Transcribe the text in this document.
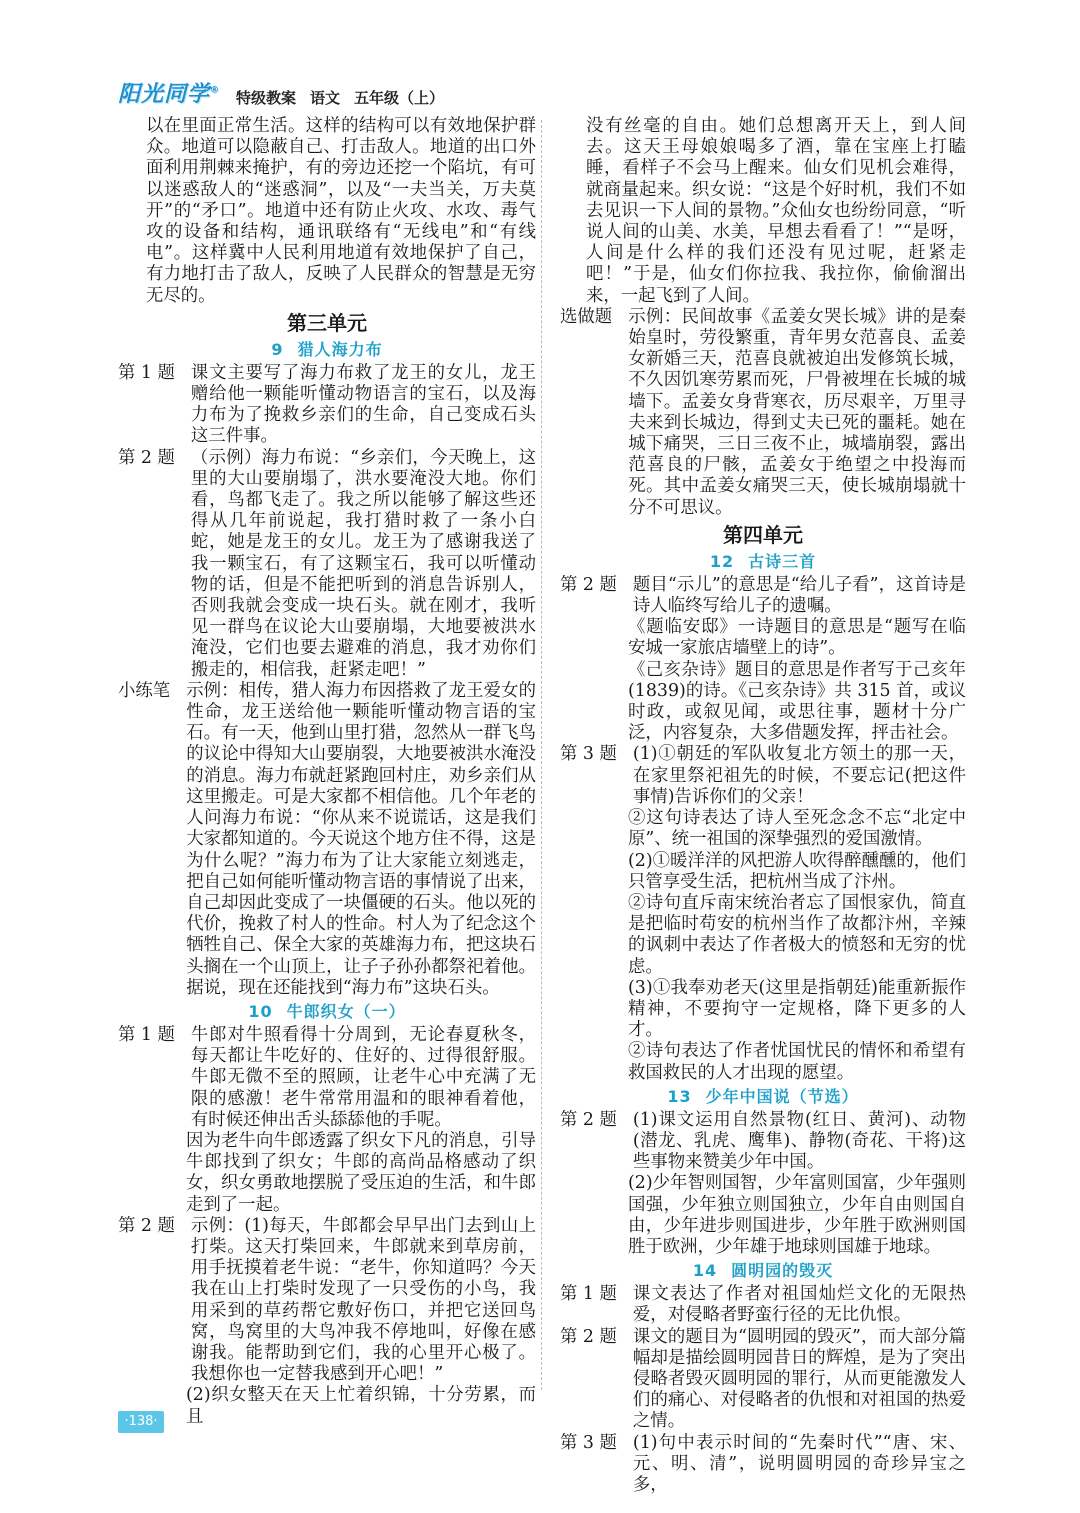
阳光同学® 特级教案 语文 五年级（上）

以在里面正常生活。这样的结构可以有效地保护群众。地道可以隐蔽自己、打击敌人。地道的出口外面利用荆棘来掩护，有的旁边还挖一个陷坑，有可以迷惑敌人的“迷惑洞”，以及“一夫当关，万夫莫开”的“矛口”。地道中还有防止火攻、水攻、毒气攻的设备和结构，通讯联络有“无线电”和“有线电”。这样冀中人民利用地道有效地保护了自己，有力地打击了敌人，反映了人民群众的智慧是无穷无尽的。

第三单元
9 猎人海力布
第 1 题 课文主要写了海力布救了龙王的女儿，龙王赠给他一颗能听懂动物语言的宝石，以及海力布为了挽救乡亲们的生命，自己变成石头这三件事。
第 2 题 （示例）海力布说：“乡亲们，今天晚上，这里的大山要崩塌了，洪水要淹没大地。你们看，鸟都飞走了。我之所以能够了解这些还得从几年前说起，我打猎时救了一条小白蛇，她是龙王的女儿。龙王为了感谢我送了我一颗宝石，有了这颗宝石，我可以听懂动物的话，但是不能把听到的消息告诉别人，否则我就会变成一块石头。就在刚才，我听见一群鸟在议论大山要崩塌，大地要被洪水淹没，它们也要去避难的消息，我才劝你们搬走的，相信我，赶紧走吧！”
小练笔 示例：相传，猎人海力布因搭救了龙王爱女的性命，龙王送给他一颗能听懂动物言语的宝石。有一天，他到山里打猎，忽然从一群飞鸟的议论中得知大山要崩裂，大地要被洪水淹没的消息。海力布就赶紧跑回村庄，劝乡亲们从这里搬走。可是大家都不相信他。几个年老的人问海力布说：“你从来不说谎话，这是我们大家都知道的。今天说这个地方住不得，这是为什么呢？”海力布为了让大家能立刻逃走，把自己如何能听懂动物言语的事情说了出来，自己却因此变成了一块僵硬的石头。他以死的代价，挽救了村人的性命。村人为了纪念这个牺牲自己、保全大家的英雄海力布，把这块石头搁在一个山顶上，让子子孙孙都祭祀着他。据说，现在还能找到“海力布”这块石头。
10 牛郎织女（一）
第 1 题 牛郎对牛照看得十分周到，无论春夏秋冬，每天都让牛吃好的、住好的、过得很舒服。牛郎无微不至的照顾，让老牛心中充满了无限的感激！老牛常常用温和的眼神看着他，有时候还伸出舌头舔舔他的手呢。

因为老牛向牛郎透露了织女下凡的消息，引导牛郎找到了织女；牛郎的高尚品格感动了织女，织女勇敢地摆脱了受压迫的生活，和牛郎走到了一起。

第 2 题 示例：(1)每天，牛郎都会早早出门去到山上打柴。这天打柴回来，牛郎就来到草房前，用手抚摸着老牛说：“老牛，你知道吗？今天我在山上打柴时发现了一只受伤的小鸟，我用采到的草药帮它敷好伤口，并把它送回鸟窝，鸟窝里的大鸟冲我不停地叫，好像在感谢我。能帮助到它们，我的心里开心极了。我想你也一定替我感到开心吧！”

(2)织女整天在天上忙着织锦，十分劳累，而且

没有丝毫的自由。她们总想离开天上，到人间去。这天王母娘娘喝多了酒，靠在宝座上打瞌睡，看样子不会马上醒来。仙女们见机会难得，就商量起来。织女说：“这是个好时机，我们不如去见识一下人间的景物。”众仙女也纷纷同意，“听说人间的山美、水美，早想去看看了！”“是呀，人间是什么样的我们还没有见过呢，赶紧走吧！”于是，仙女们你拉我、我拉你，偷偷溜出来，一起飞到了人间。

选做题 示例：民间故事《孟姜女哭长城》讲的是秦始皇时，劳役繁重，青年男女范喜良、孟姜女新婚三天，范喜良就被迫出发修筑长城，不久因饥寒劳累而死，尸骨被埋在长城的城墙下。孟姜女身背寒衣，历尽艰辛，万里寻夫来到长城边，得到丈夫已死的噩耗。她在城下痛哭，三日三夜不止，城墙崩裂，露出范喜良的尸骸，孟姜女于绝望之中投海而死。其中孟姜女痛哭三天，使长城崩塌就十分不可思议。
第四单元
12 古诗三首
第 2 题 题目“示儿”的意思是“给儿子看”，这首诗是诗人临终写给儿子的遗嘱。

《题临安邸》一诗题目的意思是“题写在临安城一家旅店墙壁上的诗”。

《己亥杂诗》题目的意思是作者写于己亥年(1839)的诗。《己亥杂诗》共 315 首，或议时政，或叙见闻，或思往事，题材十分广泛，内容复杂，大多借题发挥，抨击社会。

第 3 题 (1)①朝廷的军队收复北方领土的那一天，在家里祭祀祖先的时候，不要忘记(把这件事情)告诉你们的父亲！

②这句诗表达了诗人至死念念不忘“北定中原”、统一祖国的深挚强烈的爱国激情。

(2)①暖洋洋的风把游人吹得醉醺醺的，他们只管享受生活，把杭州当成了汴州。

②诗句直斥南宋统治者忘了国恨家仇，简直是把临时苟安的杭州当作了故都汴州，辛辣的讽刺中表达了作者极大的愤怒和无穷的忧虑。

(3)①我奉劝老天(这里是指朝廷)能重新振作精神，不要拘守一定规格，降下更多的人才。

②诗句表达了作者忧国忧民的情怀和希望有救国救民的人才出现的愿望。

13 少年中国说（节选）
第 2 题 (1)课文运用自然景物(红日、黄河)、动物(潜龙、乳虎、鹰隼)、静物(奇花、干将)这些事物来赞美少年中国。

(2)少年智则国智，少年富则国富，少年强则国强，少年独立则国独立，少年自由则国自由，少年进步则国进步，少年胜于欧洲则国胜于欧洲，少年雄于地球则国雄于地球。

14 圆明园的毁灭
第 1 题 课文表达了作者对祖国灿烂文化的无限热爱，对侵略者野蛮行径的无比仇恨。
第 2 题 课文的题目为“圆明园的毁灭”，而大部分篇幅却是描绘圆明园昔日的辉煌，是为了突出侵略者毁灭圆明园的罪行，从而更能激发人们的痛心、对侵略者的仇恨和对祖国的热爱之情。
第 3 题 (1)句中表示时间的“先秦时代”“唐、宋、元、明、清”，说明圆明园的奇珍异宝之多，
·138·
